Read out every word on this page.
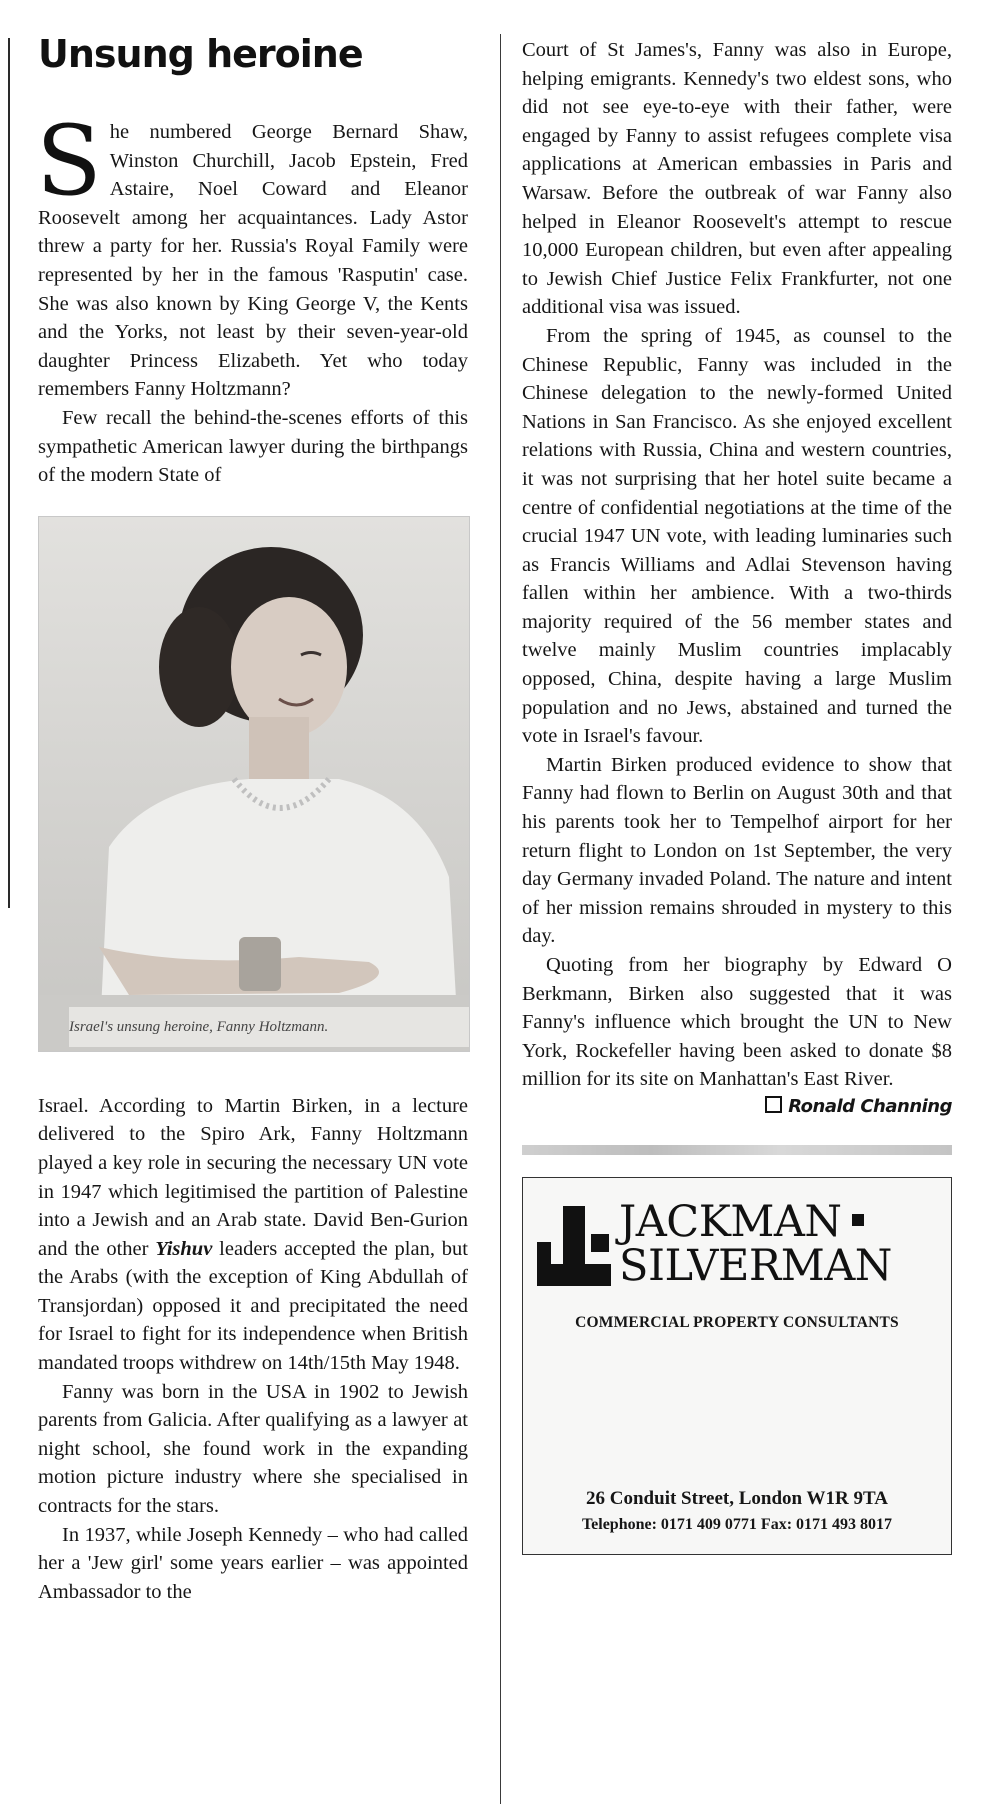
Unsung heroine

She numbered George Bernard Shaw, Winston Churchill, Jacob Epstein, Fred Astaire, Noel Coward and Eleanor Roosevelt among her acquaintances. Lady Astor threw a party for her. Russia's Royal Family were represented by her in the famous 'Rasputin' case. She was also known by King George V, the Kents and the Yorks, not least by their seven-year-old daughter Princess Elizabeth. Yet who today remembers Fanny Holtzmann?

Few recall the behind-the-scenes efforts of this sympathetic American lawyer during the birthpangs of the modern State of

Israel's unsung heroine, Fanny Holtzmann.

Israel. According to Martin Birken, in a lecture delivered to the Spiro Ark, Fanny Holtzmann played a key role in securing the necessary UN vote in 1947 which legitimised the partition of Palestine into a Jewish and an Arab state. David Ben-Gurion and the other Yishuv leaders accepted the plan, but the Arabs (with the exception of King Abdullah of Transjordan) opposed it and precipitated the need for Israel to fight for its independence when British mandated troops withdrew on 14th/15th May 1948.

Fanny was born in the USA in 1902 to Jewish parents from Galicia. After qualifying as a lawyer at night school, she found work in the expanding motion picture industry where she specialised in contracts for the stars.

In 1937, while Joseph Kennedy – who had called her a 'Jew girl' some years earlier – was appointed Ambassador to the

Court of St James's, Fanny was also in Europe, helping emigrants. Kennedy's two eldest sons, who did not see eye-to-eye with their father, were engaged by Fanny to assist refugees complete visa applications at American embassies in Paris and Warsaw. Before the outbreak of war Fanny also helped in Eleanor Roosevelt's attempt to rescue 10,000 European children, but even after appealing to Jewish Chief Justice Felix Frankfurter, not one additional visa was issued.

From the spring of 1945, as counsel to the Chinese Republic, Fanny was included in the Chinese delegation to the newly-formed United Nations in San Francisco. As she enjoyed excellent relations with Russia, China and western countries, it was not surprising that her hotel suite became a centre of confidential negotiations at the time of the crucial 1947 UN vote, with leading luminaries such as Francis Williams and Adlai Stevenson having fallen within her ambience. With a two-thirds majority required of the 56 member states and twelve mainly Muslim countries implacably opposed, China, despite having a large Muslim population and no Jews, abstained and turned the vote in Israel's favour.

Martin Birken produced evidence to show that Fanny had flown to Berlin on August 30th and that his parents took her to Tempelhof airport for her return flight to London on 1st September, the very day Germany invaded Poland. The nature and intent of her mission remains shrouded in mystery to this day.

Quoting from her biography by Edward O Berkmann, Birken also suggested that it was Fanny's influence which brought the UN to New York, Rockefeller having been asked to donate $8 million for its site on Manhattan's East River.

Ronald Channing
JACKMAN
SILVERMAN
COMMERCIAL PROPERTY CONSULTANTS
26 Conduit Street, London W1R 9TA
Telephone: 0171 409 0771 Fax: 0171 493 8017
